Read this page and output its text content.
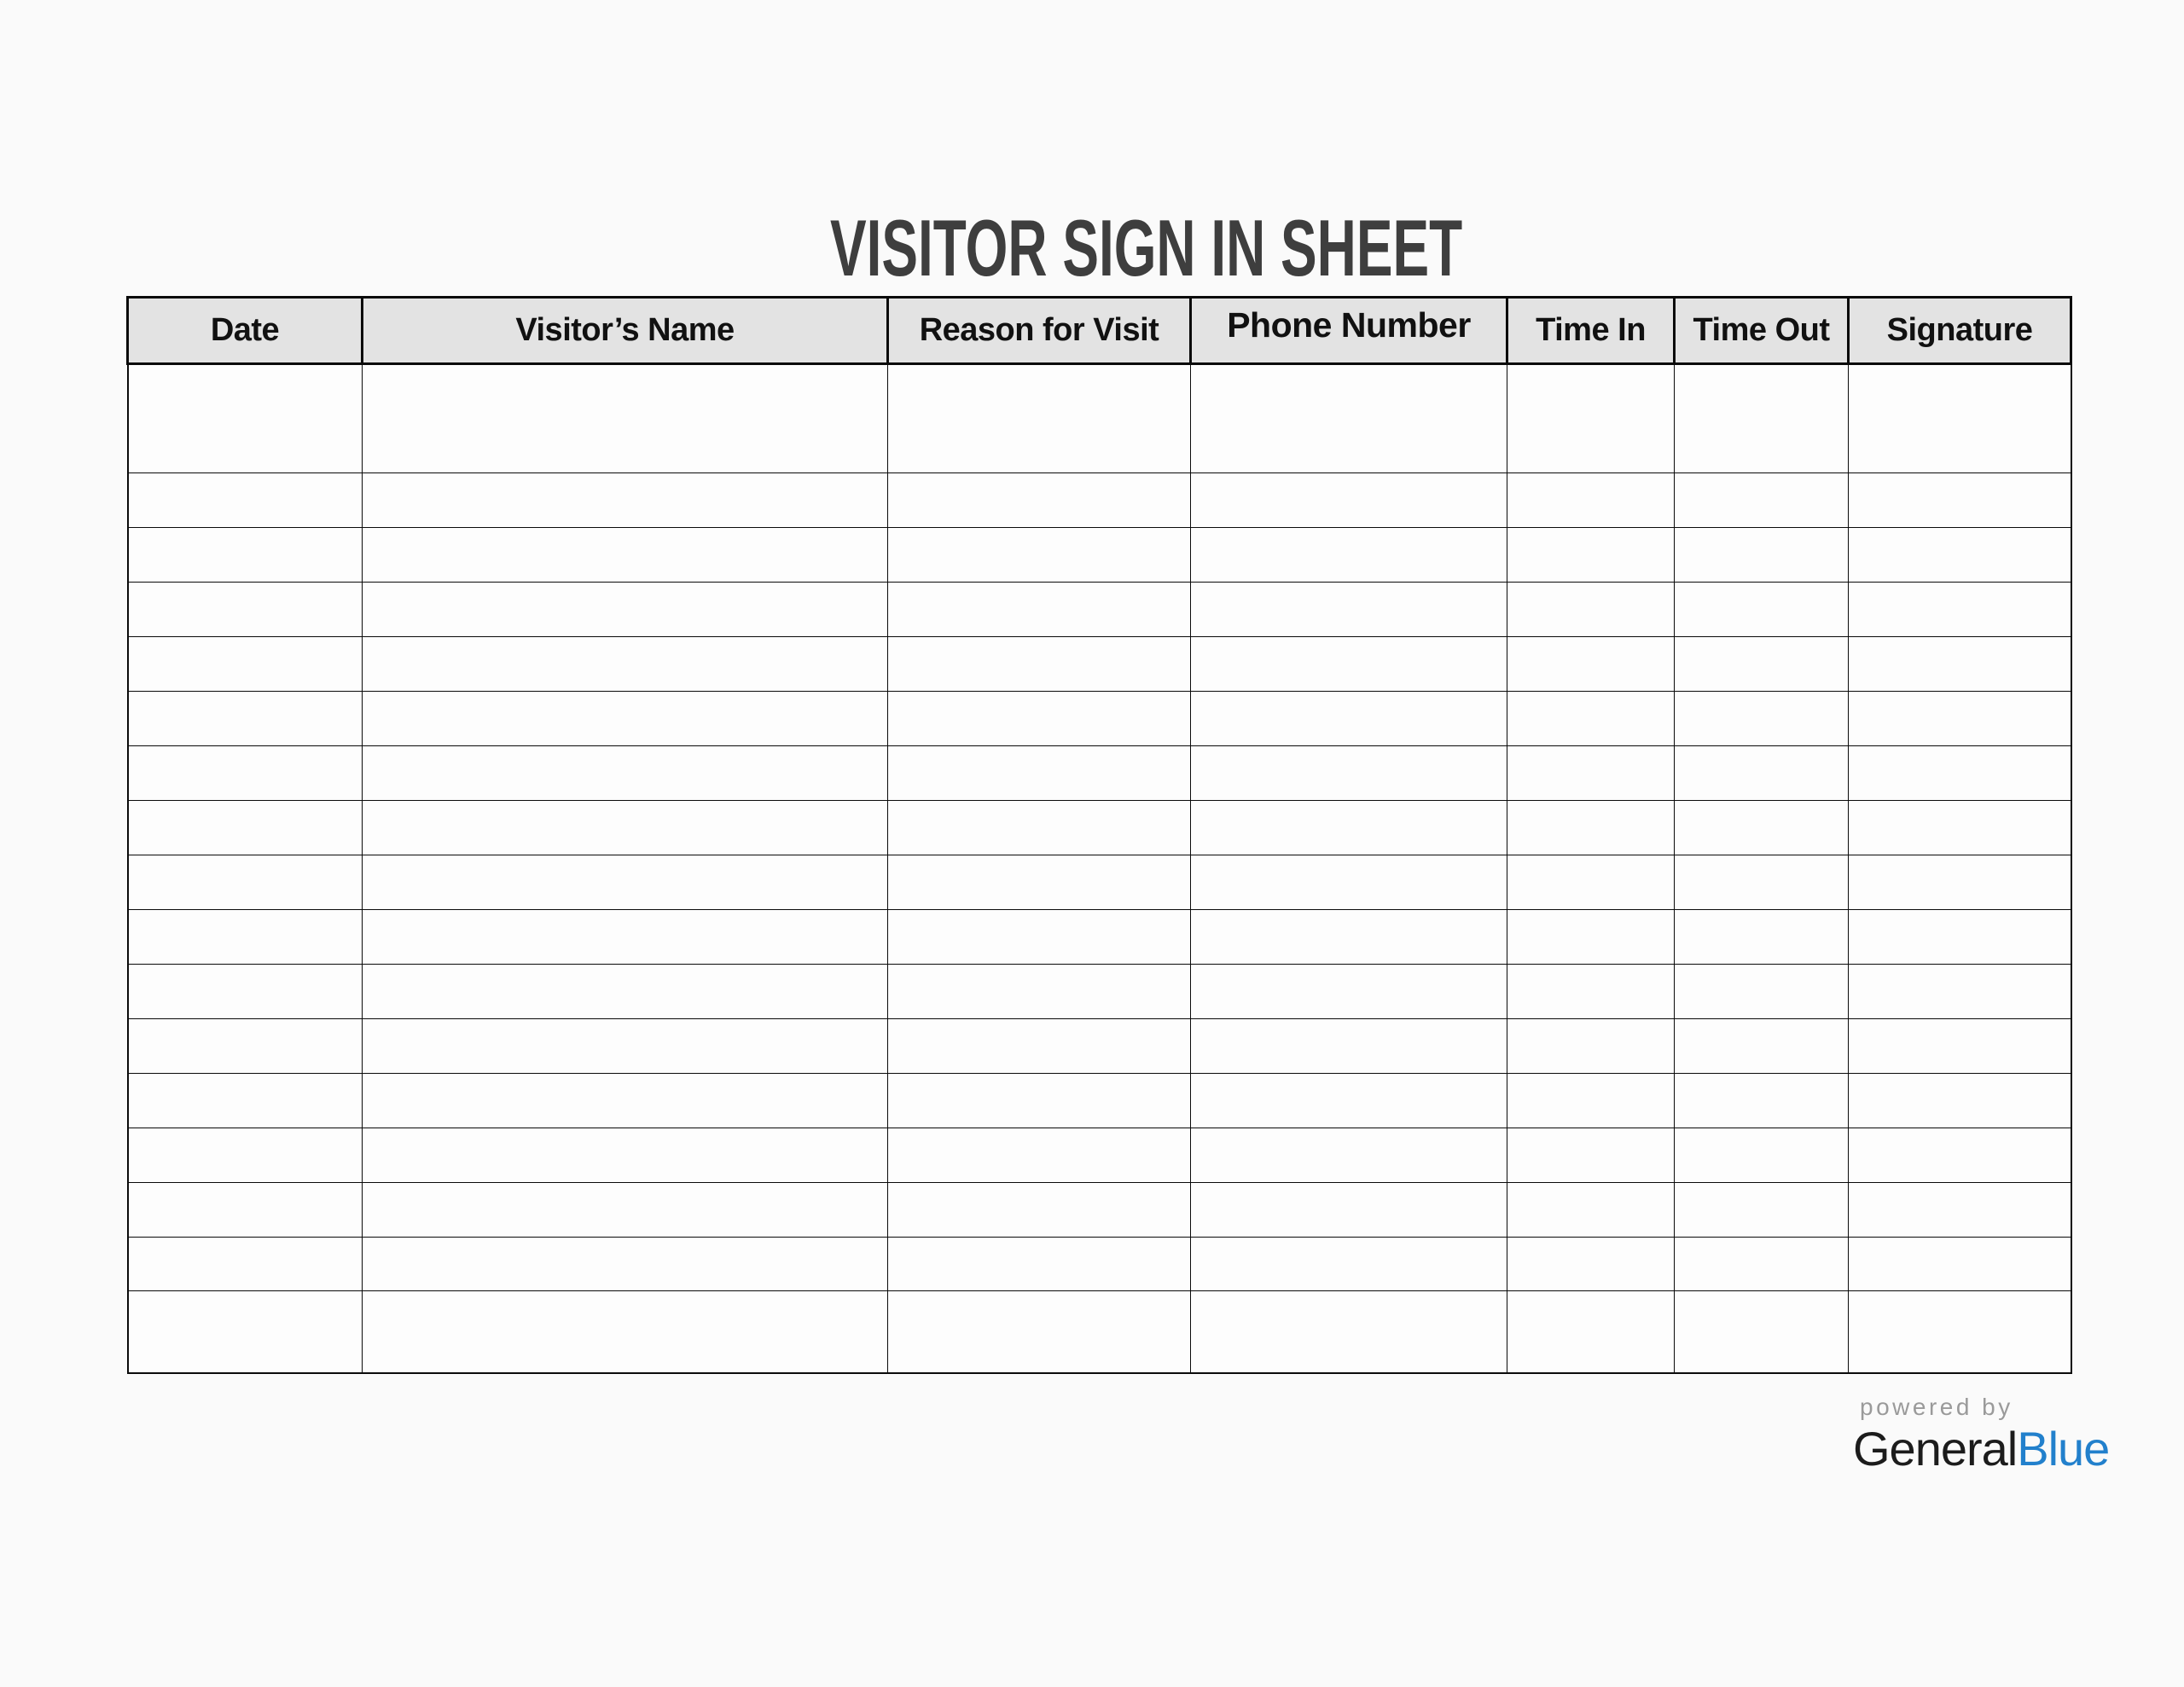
VISITOR SIGN IN SHEET
Date	Visitor’s Name	Reason for Visit	Phone Number	Time In	Time Out	Signature

powered by
GeneralBlue
